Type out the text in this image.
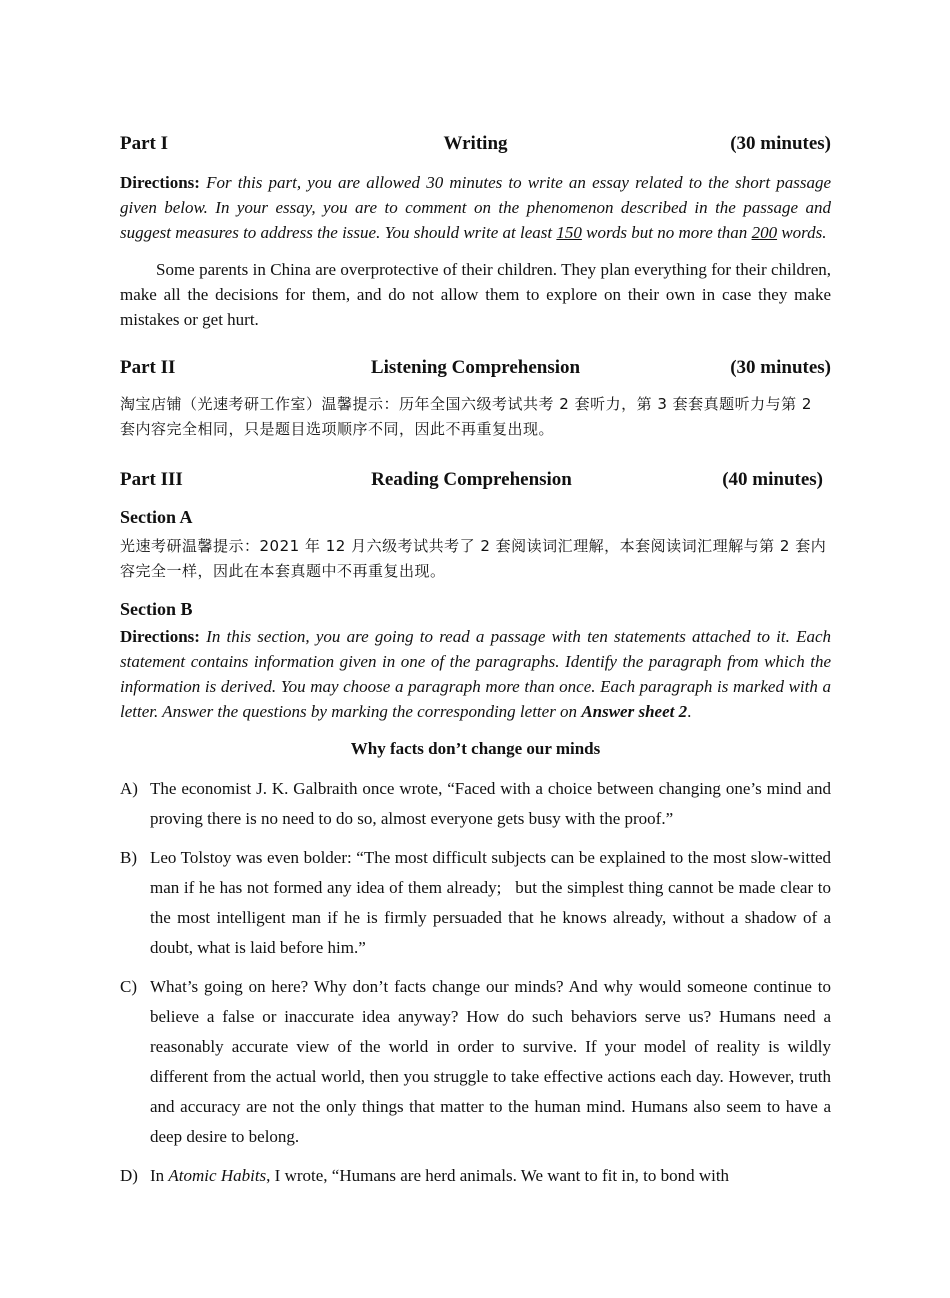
Part I	Writing	(30 minutes)

Directions: For this part, you are allowed 30 minutes to write an essay related to the short passage given below. In your essay, you are to comment on the phenomenon described in the passage and suggest measures to address the issue. You should write at least 150 words but no more than 200 words.

Some parents in China are overprotective of their children. They plan everything for their children, make all the decisions for them, and do not allow them to explore on their own in case they make mistakes or get hurt.

Part II	Listening Comprehension	(30 minutes)

淘宝店铺（光速考研工作室）温馨提示：历年全国六级考试共考 2 套听力，第 3 套套真题听力与第 2 套内容完全相同，只是题目选项顺序不同，因此不再重复出现。

Part III	Reading Comprehension	(40 minutes)

Section A

光速考研温馨提示：2021 年 12 月六级考试共考了 2 套阅读词汇理解，本套阅读词汇理解与第 2 套内容完全一样，因此在本套真题中不再重复出现。

Section B

Directions: In this section, you are going to read a passage with ten statements attached to it. Each statement contains information given in one of the paragraphs. Identify the paragraph from which the information is derived. You may choose a paragraph more than once. Each paragraph is marked with a letter. Answer the questions by marking the corresponding letter on Answer sheet 2.

Why facts don’t change our minds

A) The economist J. K. Galbraith once wrote, “Faced with a choice between changing one’s mind and proving there is no need to do so, almost everyone gets busy with the proof.”
B) Leo Tolstoy was even bolder: “The most difficult subjects can be explained to the most slow-witted man if he has not formed any idea of them already;   but the simplest thing cannot be made clear to the most intelligent man if he is firmly persuaded that he knows already, without a shadow of a doubt, what is laid before him.”
C) What’s going on here? Why don’t facts change our minds? And why would someone continue to believe a false or inaccurate idea anyway? How do such behaviors serve us? Humans need a reasonably accurate view of the world in order to survive. If your model of reality is wildly different from the actual world, then you struggle to take effective actions each day. However, truth and accuracy are not the only things that matter to the human mind. Humans also seem to have a deep desire to belong.
D) In Atomic Habits, I wrote, “Humans are herd animals. We want to fit in, to bond with
